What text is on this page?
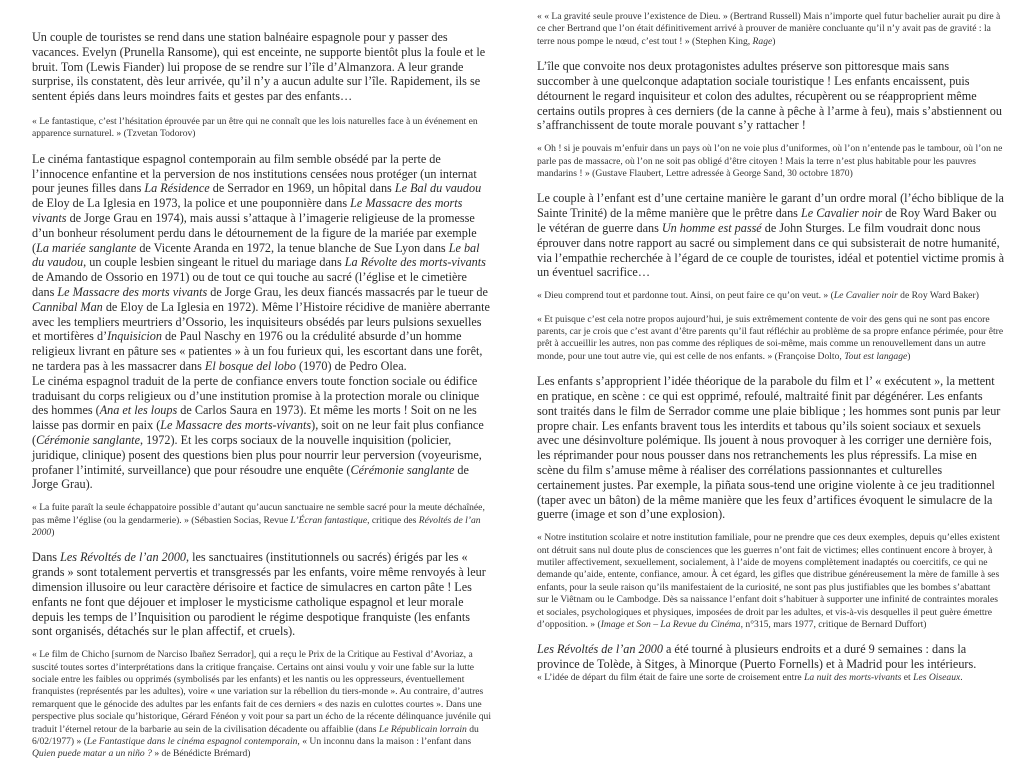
Un couple de touristes se rend dans une station balnéaire espagnole pour y passer des vacances. Evelyn (Prunella Ransome), qui est enceinte, ne supporte bientôt plus la foule et le bruit. Tom (Lewis Fiander) lui propose de se rendre sur l’île d’Almanzora. A leur grande surprise, ils constatent, dès leur arrivée, qu’il n’y a aucun adulte sur l’île. Rapidement, ils se sentent épiés dans leurs moindres faits et gestes par des enfants…

« Le fantastique, c’est l’hésitation éprouvée par un être qui ne connaît que les lois naturelles face à un événement en apparence surnaturel. » (Tzvetan Todorov)

Le cinéma fantastique espagnol contemporain au film semble obsédé par la perte de l’innocence enfantine et la perversion de nos institutions censées nous protéger (un internat pour jeunes filles dans La Résidence de Serrador en 1969, un hôpital dans Le Bal du vaudou de Eloy de La Iglesia en 1973, la police et une pouponnière dans Le Massacre des morts vivants de Jorge Grau en 1974), mais aussi s’attaque à l’imagerie religieuse de la promesse d’un bonheur résolument perdu dans le détournement de la figure de la mariée par exemple (La mariée sanglante de Vicente Aranda en 1972, la tenue blanche de Sue Lyon dans Le bal du vaudou, un couple lesbien singeant le rituel du mariage dans La Révolte des morts-vivants de Amando de Ossorio en 1971) ou de tout ce qui touche au sacré (l’église et le cimetière dans Le Massacre des morts vivants de Jorge Grau, les deux fiancés massacrés par le tueur de Cannibal Man de Eloy de La Iglesia en 1972). Même l’Histoire récidive de manière aberrante avec les templiers meurtriers d’Ossorio, les inquisiteurs obsédés par leurs pulsions sexuelles et mortifères d’Inquisicion de Paul Naschy en 1976 ou la crédulité absurde d’un homme religieux livrant en pâture ses « patientes » à un fou furieux qui, les escortant dans une forêt, ne tardera pas à les massacrer dans El bosque del lobo (1970) de Pedro Olea.

Le cinéma espagnol traduit de la perte de confiance envers toute fonction sociale ou édifice traduisant du corps religieux ou d’une institution promise à la protection morale ou clinique des hommes (Ana et les loups de Carlos Saura en 1973). Et même les morts ! Soit on ne les laisse pas dormir en paix (Le Massacre des morts-vivants), soit on ne leur fait plus confiance (Cérémonie sanglante, 1972). Et les corps sociaux de la nouvelle inquisition (policier, juridique, clinique) posent des questions bien plus pour nourrir leur perversion (voyeurisme, profaner l’intimité, surveillance) que pour résoudre une enquête (Cérémonie sanglante de Jorge Grau).

« La fuite paraît la seule échappatoire possible d’autant qu’aucun sanctuaire ne semble sacré pour la meute déchaînée, pas même l’église (ou la gendarmerie). » (Sébastien Socias, Revue L’Écran fantastique, critique des Révoltés de l’an 2000)

Dans Les Révoltés de l’an 2000, les sanctuaires (institutionnels ou sacrés) érigés par les « grands » sont totalement pervertis et transgressés par les enfants, voire même renvoyés à leur dimension illusoire ou leur caractère dérisoire et factice de simulacres en carton pâte ! Les enfants ne font que déjouer et imploser le mysticisme catholique espagnol et leur morale depuis les temps de l’Inquisition ou parodient le régime despotique franquiste (les enfants sont organisés, détachés sur le plan affectif, et cruels).

« Le film de Chicho [surnom de Narciso Ibañez Serrador], qui a reçu le Prix de la Critique au Festival d’Avoriaz, a suscité toutes sortes d’interprétations dans la critique française. Certains ont ainsi voulu y voir une fable sur la lutte sociale entre les faibles ou opprimés (symbolisés par les enfants) et les nantis ou les oppresseurs, éventuellement franquistes (représentés par les adultes), voire « une variation sur la rébellion du tiers-monde ». Au contraire, d’autres remarquent que le génocide des adultes par les enfants fait de ces derniers « des nazis en culottes courtes ». Dans une perspective plus sociale qu’historique, Gérard Fénéon y voit pour sa part un écho de la récente délinquance juvénile qui traduit l’éternel retour de la barbarie au sein de la civilisation décadente ou affaiblie (dans Le Républicain lorrain du 6/02/1977) » (Le Fantastique dans le cinéma espagnol contemporain, « Un inconnu dans la maison : l’enfant dans Quien puede matar a un niño ? » de Bénédicte Brémard)

« « La gravité seule prouve l’existence de Dieu. » (Bertrand Russell) Mais n’importe quel futur bachelier aurait pu dire à ce cher Bertrand que l’on était définitivement arrivé à prouver de manière concluante qu’il n’y avait pas de gravité : la terre nous pompe le nœud, c’est tout ! » (Stephen King, Rage)

L’île que convoite nos deux protagonistes adultes préserve son pittoresque mais sans succomber à une quelconque adaptation sociale touristique ! Les enfants encaissent, puis détournent le regard inquisiteur et colon des adultes, récupèrent ou se réapproprient même certains outils propres à ces derniers (de la canne à pêche à l’arme à feu), mais s’abstiennent ou s’affranchissent de toute morale pouvant s’y rattacher !

« Oh ! si je pouvais m’enfuir dans un pays où l’on ne voie plus d’uniformes, où l’on n’entende pas le tambour, où l’on ne parle pas de massacre, où l’on ne soit pas obligé d’être citoyen ! Mais la terre n’est plus habitable pour les pauvres mandarins ! » (Gustave Flaubert, Lettre adressée à George Sand, 30 octobre 1870)

Le couple à l’enfant est d’une certaine manière le garant d’un ordre moral (l’écho biblique de la Sainte Trinité) de la même manière que le prêtre dans Le Cavalier noir de Roy Ward Baker ou le vétéran de guerre dans Un homme est passé de John Sturges. Le film voudrait donc nous éprouver dans notre rapport au sacré ou simplement dans ce qui subsisterait de notre humanité, via l’empathie recherchée à l’égard de ce couple de touristes, idéal et potentiel victime promis à un éventuel sacrifice…

« Dieu comprend tout et pardonne tout. Ainsi, on peut faire ce qu’on veut. » (Le Cavalier noir de Roy Ward Baker)

« Et puisque c’est cela notre propos aujourd’hui, je suis extrêmement contente de voir des gens qui ne sont pas encore parents, car je crois que c’est avant d’être parents qu’il faut réfléchir au problème de sa propre enfance périmée, pour être prêt à accueillir les autres, non pas comme des répliques de soi-même, mais comme un renouvellement dans un autre monde, pour une tout autre vie, qui est celle de nos enfants. » (Françoise Dolto, Tout est langage)

Les enfants s’approprient l’idée théorique de la parabole du film et l’ « exécutent », la mettent en pratique, en scène : ce qui est opprimé, refoulé, maltraité finit par dégénérer. Les enfants sont traités dans le film de Serrador comme une plaie biblique ; les hommes sont punis par leur propre chair. Les enfants bravent tous les interdits et tabous qu’ils soient sociaux et sexuels avec une désinvolture polémique. Ils jouent à nous provoquer à les corriger une dernière fois, les réprimander pour nous pousser dans nos retranchements les plus répressifs. La mise en scène du film s’amuse même à réaliser des corrélations passionnantes et culturelles certainement justes. Par exemple, la piñata sous-tend une origine violente à ce jeu traditionnel (taper avec un bâton) de la même manière que les feux d’artifices évoquent le simulacre de la guerre (image et son d’une explosion).

« Notre institution scolaire et notre institution familiale, pour ne prendre que ces deux exemples, depuis qu’elles existent ont détruit sans nul doute plus de consciences que les guerres n’ont fait de victimes; elles continuent encore à broyer, à mutiler affectivement, sexuellement, socialement, à l’aide de moyens complètement inadaptés ou coercitifs, ce qui ne demande qu’aide, entente, confiance, amour. À cet égard, les gifles que distribue généreusement la mère de famille à ses enfants, pour la seule raison qu’ils manifestaient de la curiosité, ne sont pas plus justifiables que les bombes s’abattant sur le Viêtnam ou le Cambodge. Dès sa naissance l’enfant doit s’habituer à supporter une infinité de contraintes morales et sociales, psychologiques et physiques, imposées de droit par les adultes, et vis-à-vis desquelles il peut guère émettre d’opposition. » (Image et Son – La Revue du Cinéma, n°315, mars 1977, critique de Bernard Duffort)

Les Révoltés de l’an 2000 a été tourné à plusieurs endroits et a duré 9 semaines : dans la province de Tolède, à Sitges, à Minorque (Puerto Fornells) et à Madrid pour les intérieurs.

« L’idée de départ du film était de faire une sorte de croisement entre La nuit des morts-vivants et Les Oiseaux.
